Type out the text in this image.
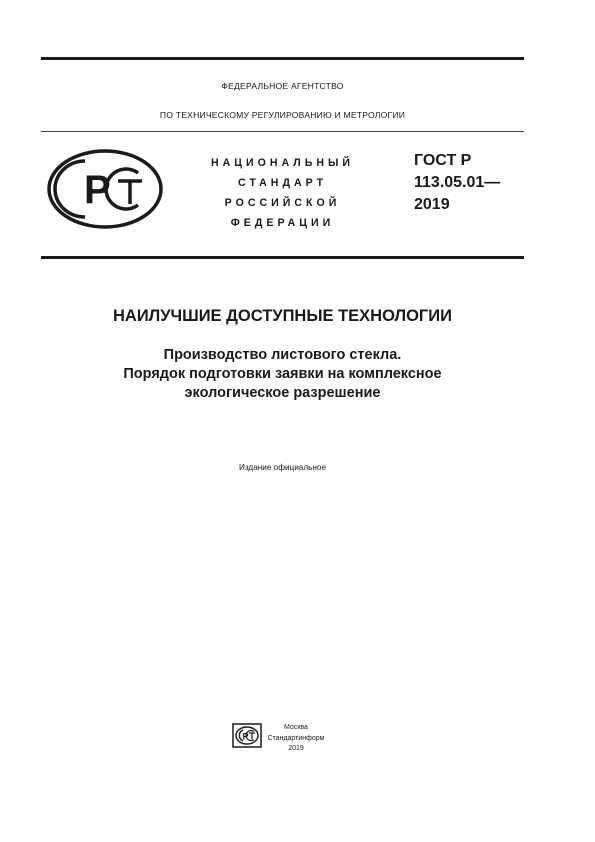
ФЕДЕРАЛЬНОЕ АГЕНТСТВО
ПО ТЕХНИЧЕСКОМУ РЕГУЛИРОВАНИЮ И МЕТРОЛОГИИ
Р
НАЦИОНАЛЬНЫЙ
СТАНДАРТ
РОССИЙСКОЙ
ФЕДЕРАЦИИ
ГОСТ Р
113.05.01—
2019
НАИЛУЧШИЕ ДОСТУПНЫЕ ТЕХНОЛОГИИ
Производство листового стекла.
Порядок подготовки заявки на комплексное
экологическое разрешение
Издание официальное
Р
Москва
Стандартинформ
2019
